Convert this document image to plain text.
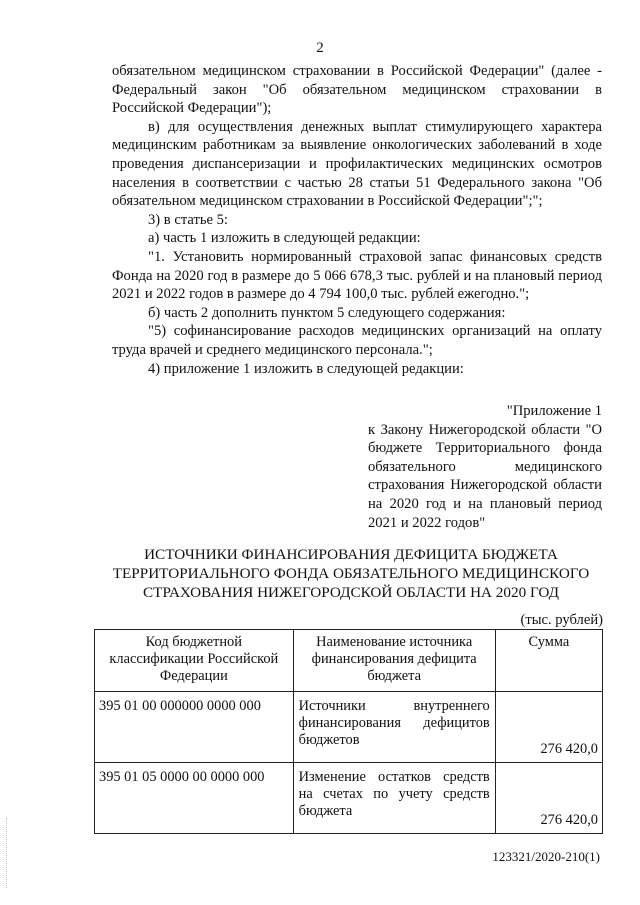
2

обязательном медицинском страховании в Российской Федерации" (далее - Федеральный закон "Об обязательном медицинском страховании в Российской Федерации");

в) для осуществления денежных выплат стимулирующего характера медицинским работникам за выявление онкологических заболеваний в ходе проведения диспансеризации и профилактических медицинских осмотров населения в соответствии с частью 28 статьи 51 Федерального закона "Об обязательном медицинском страховании в Российской Федерации";";

3) в статье 5:

а) часть 1 изложить в следующей редакции:

"1. Установить нормированный страховой запас финансовых средств Фонда на 2020 год в размере до 5 066 678,3 тыс. рублей и на плановый период 2021 и 2022 годов в размере до 4 794 100,0 тыс. рублей ежегодно.";

б) часть 2 дополнить пунктом 5 следующего содержания:

"5) софинансирование расходов медицинских организаций на оплату труда врачей и среднего медицинского персонала.";

4) приложение 1 изложить в следующей редакции:

"Приложение 1

к Закону Нижегородской области "О бюджете Территориального фонда обязательного медицинского страхования Нижегородской области на 2020 год и на плановый период 2021 и 2022 годов"

ИСТОЧНИКИ ФИНАНСИРОВАНИЯ ДЕФИЦИТА БЮДЖЕТА ТЕРРИТОРИАЛЬНОГО ФОНДА ОБЯЗАТЕЛЬНОГО МЕДИЦИНСКОГО СТРАХОВАНИЯ НИЖЕГОРОДСКОЙ ОБЛАСТИ НА 2020 ГОД
(тыс. рублей)
Код бюджетной классификации Российской Федерации	Наименование источника финансирования дефицита бюджета	Сумма
395 01 00 000000 0000 000	Источники внутреннего финансирования дефицитов бюджетов	276 420,0
395 01 05 0000 00 0000 000	Изменение остатков средств на счетах по учету средств бюджета	276 420,0
123321/2020-210(1)
